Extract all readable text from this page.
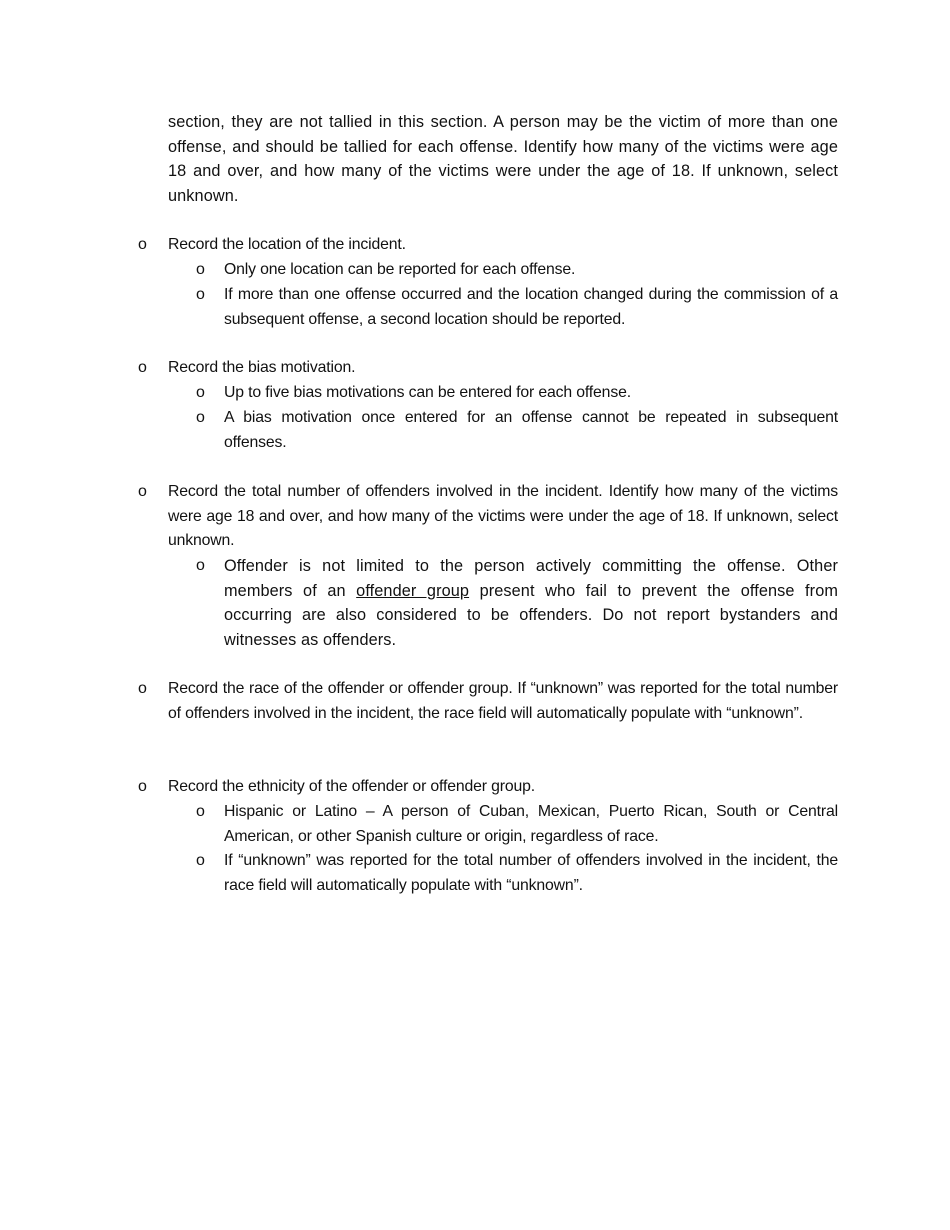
section, they are not tallied in this section. A person may be the victim of more than one offense, and should be tallied for each offense. Identify how many of the victims were age 18 and over, and how many of the victims were under the age of 18. If unknown, select unknown.
o Record the location of the incident.
o Only one location can be reported for each offense.
o If more than one offense occurred and the location changed during the commission of a subsequent offense, a second location should be reported.
o Record the bias motivation.
o Up to five bias motivations can be entered for each offense.
o A bias motivation once entered for an offense cannot be repeated in subsequent offenses.
o Record the total number of offenders involved in the incident. Identify how many of the victims were age 18 and over, and how many of the victims were under the age of 18. If unknown, select unknown.
o Offender is not limited to the person actively committing the offense. Other members of an offender group present who fail to prevent the offense from occurring are also considered to be offenders. Do not report bystanders and witnesses as offenders.
o Record the race of the offender or offender group. If “unknown” was reported for the total number of offenders involved in the incident, the race field will automatically populate with “unknown”.
o Record the ethnicity of the offender or offender group.
o Hispanic or Latino – A person of Cuban, Mexican, Puerto Rican, South or Central American, or other Spanish culture or origin, regardless of race.
o If “unknown” was reported for the total number of offenders involved in the incident, the race field will automatically populate with “unknown”.
